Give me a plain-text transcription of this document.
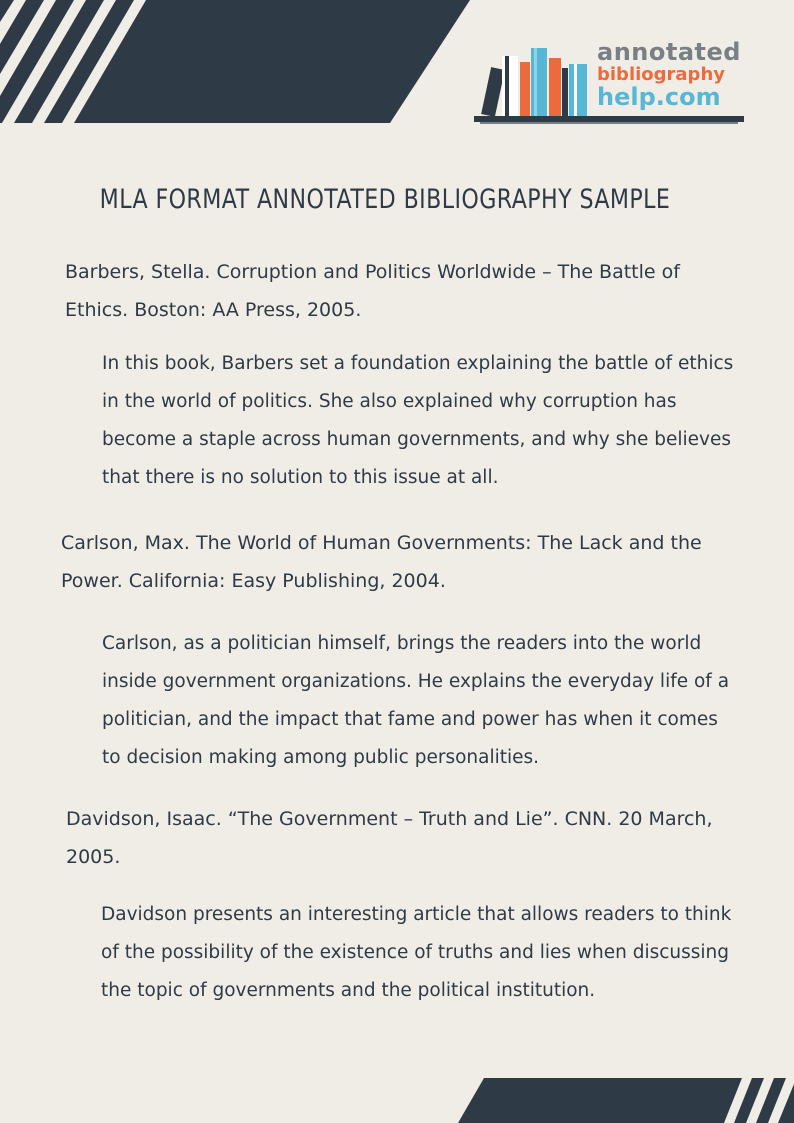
annotated
bibliography
help.com
MLA FORMAT ANNOTATED BIBLIOGRAPHY SAMPLE

Barbers, Stella. Corruption and Politics Worldwide – The Battle of Ethics. Boston: AA Press, 2005.

In this book, Barbers set a foundation explaining the battle of ethics in the world of politics. She also explained why corruption has become a staple across human governments, and why she believes that there is no solution to this issue at all.

Carlson, Max. The World of Human Governments: The Lack and the Power. California: Easy Publishing, 2004.

Carlson, as a politician himself, brings the readers into the world inside government organizations. He explains the everyday life of a politician, and the impact that fame and power has when it comes to decision making among public personalities.

Davidson, Isaac. “The Government – Truth and Lie”. CNN. 20 March, 2005.

Davidson presents an interesting article that allows readers to think of the possibility of the existence of truths and lies when discussing the topic of governments and the political institution.
